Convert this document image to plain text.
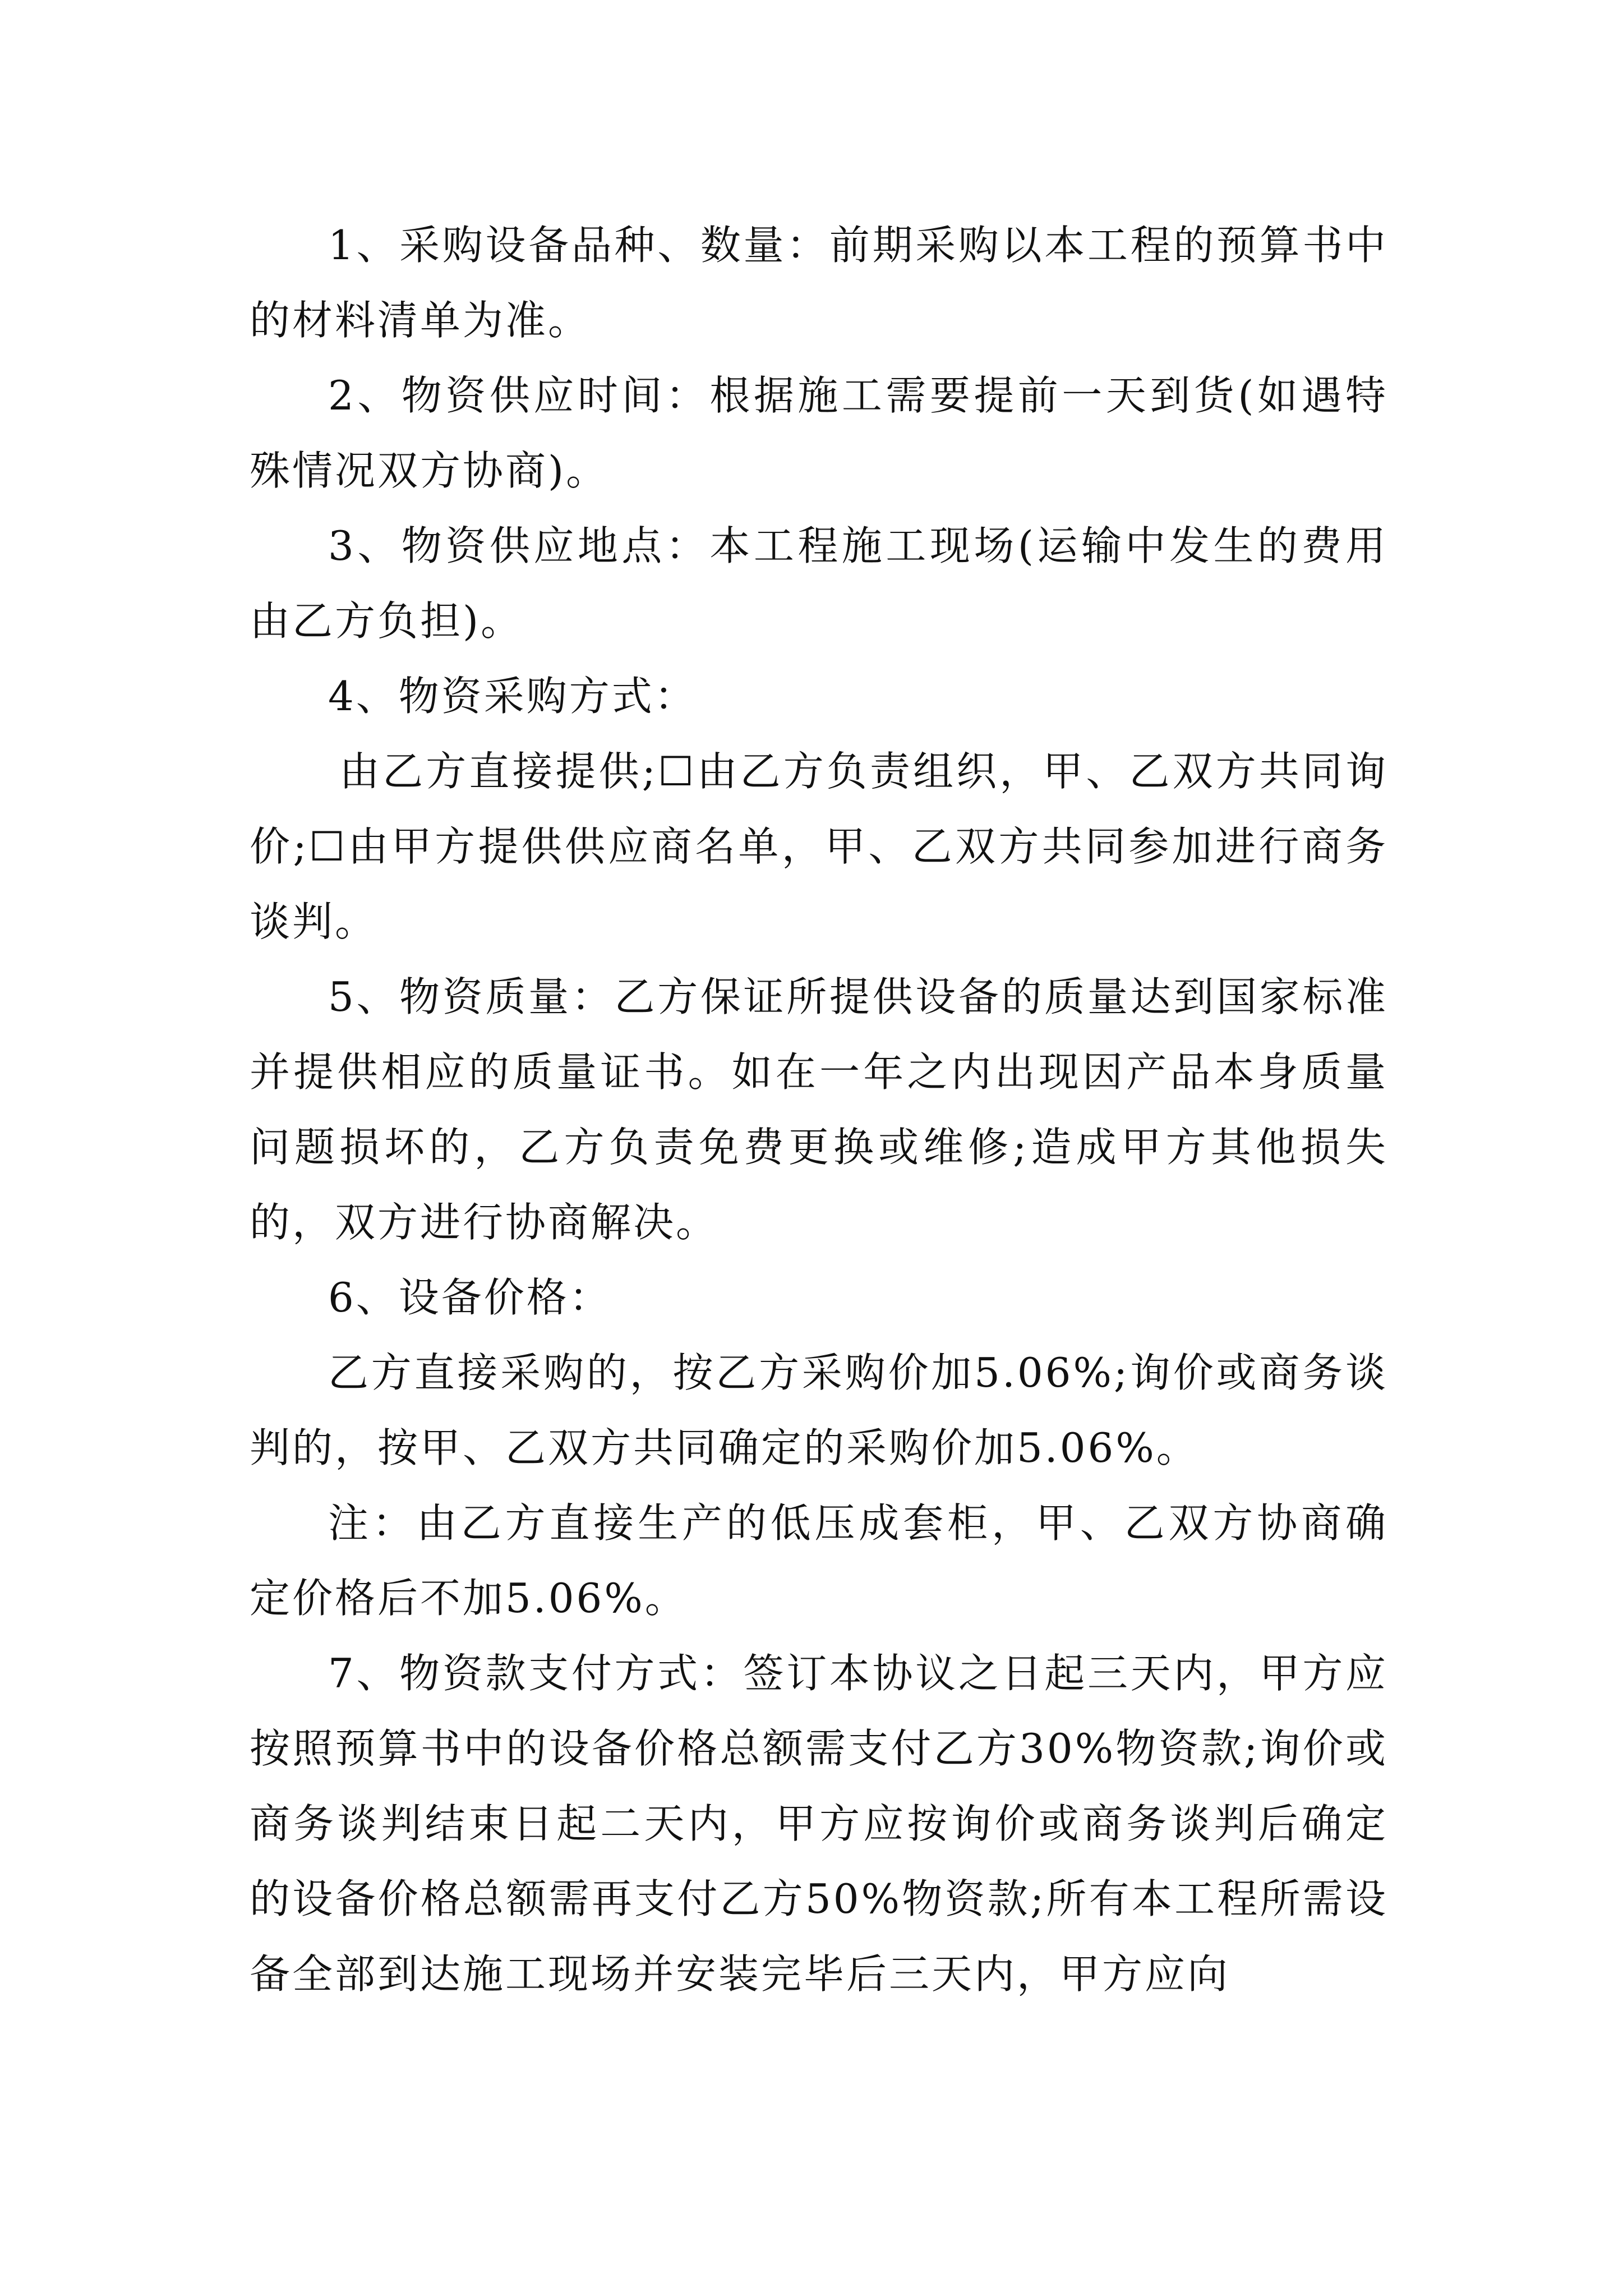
1、采购设备品种、数量：前期采购以本工程的预算书中的材料清单为准。

2、物资供应时间：根据施工需要提前一天到货(如遇特殊情况双方协商)。

3、物资供应地点：本工程施工现场(运输中发生的费用由乙方负担)。

4、物资采购方式：

由乙方直接提供;☐由乙方负责组织，甲、乙双方共同询价;☐由甲方提供供应商名单，甲、乙双方共同参加进行商务谈判。

5、物资质量：乙方保证所提供设备的质量达到国家标准并提供相应的质量证书。如在一年之内出现因产品本身质量问题损坏的，乙方负责免费更换或维修;造成甲方其他损失的，双方进行协商解决。

6、设备价格：

乙方直接采购的，按乙方采购价加5.06%;询价或商务谈判的，按甲、乙双方共同确定的采购价加5.06%。

注：由乙方直接生产的低压成套柜，甲、乙双方协商确定价格后不加5.06%。

7、物资款支付方式：签订本协议之日起三天内，甲方应按照预算书中的设备价格总额需支付乙方30%物资款;询价或商务谈判结束日起二天内，甲方应按询价或商务谈判后确定的设备价格总额需再支付乙方50%物资款;所有本工程所需设备全部到达施工现场并安装完毕后三天内，甲方应向
